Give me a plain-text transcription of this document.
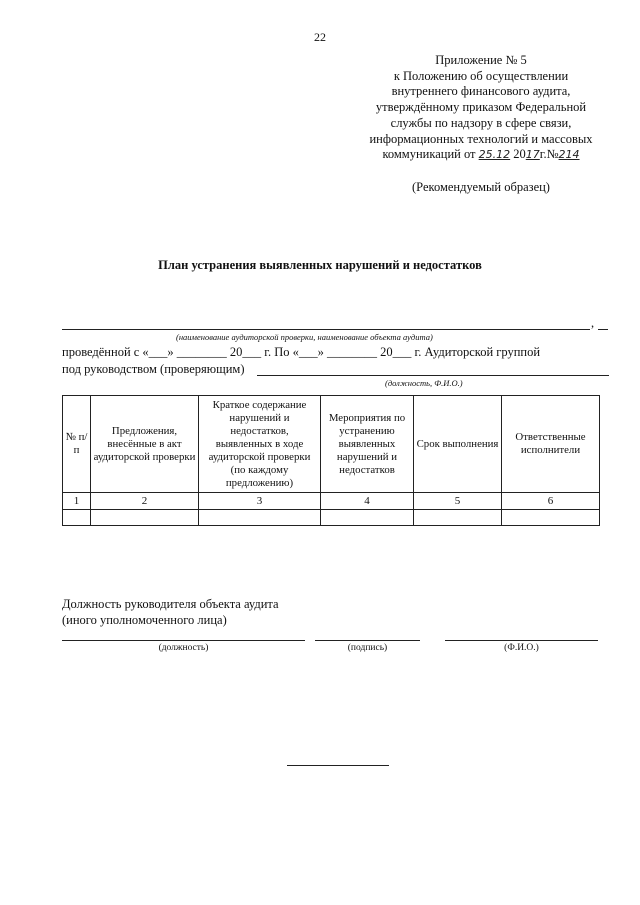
22
Приложение № 5
к Положению об осуществлении
внутреннего финансового аудита,
утверждённому приказом Федеральной
службы по надзору в сфере связи,
информационных технологий и массовых
коммуникаций от 25.12 2017г.№214
(Рекомендуемый образец)
План устранения выявленных нарушений и недостатков
,
(наименование аудиторской проверки, наименование объекта аудита)
проведённой с «___» ________ 20___ г. По «___» ________ 20___ г. Аудиторской группой
под руководством (проверяющим)
(должность, Ф.И.О.)
№ п/п	Предложения, внесённые в акт аудиторской проверки	Краткое содержание нарушений и недостатков, выявленных в ходе аудиторской проверки (по каждому предложению)	Мероприятия по устранению выявленных нарушений и недостатков	Срок выполнения	Ответственные исполнители
1	2	3	4	5	6

Должность руководителя объекта аудита
(иного уполномоченного лица)
(должность)	(подпись)	(Ф.И.О.)
